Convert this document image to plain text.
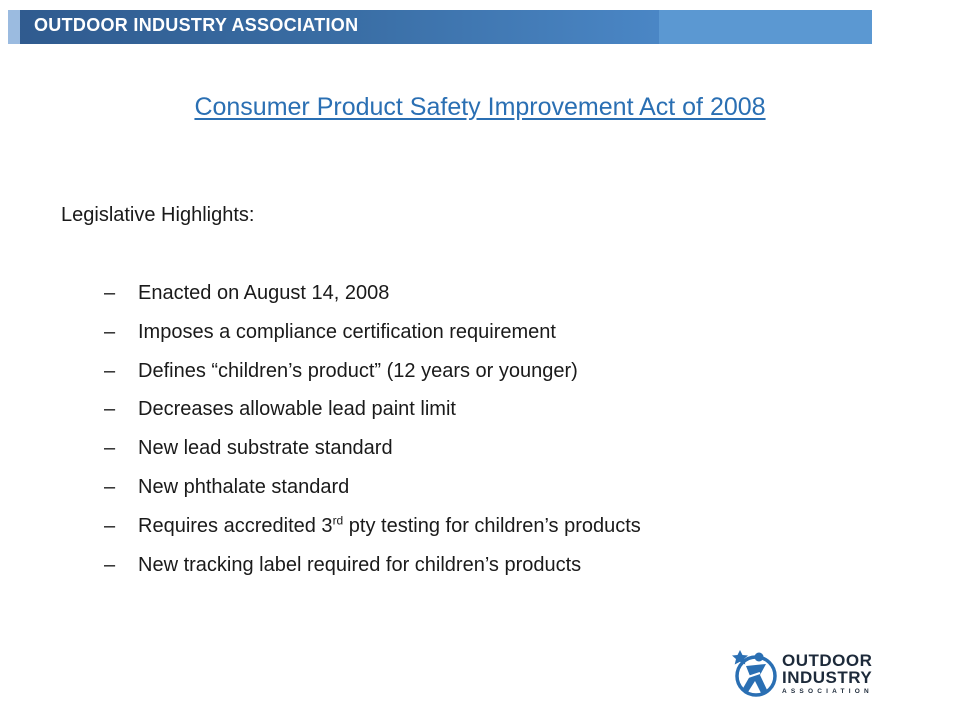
OUTDOOR INDUSTRY ASSOCIATION
Consumer Product Safety Improvement Act of 2008
Legislative Highlights:
–	Enacted on August 14, 2008
–	Imposes a compliance certification requirement
–	Defines “children’s product” (12 years or younger)
–	Decreases allowable lead paint limit
–	New lead substrate standard
–	New phthalate standard
–	Requires accredited 3rd pty testing for children’s products
–	New tracking label required for children’s products
OUTDOOR
INDUSTRY
ASSOCIATION
